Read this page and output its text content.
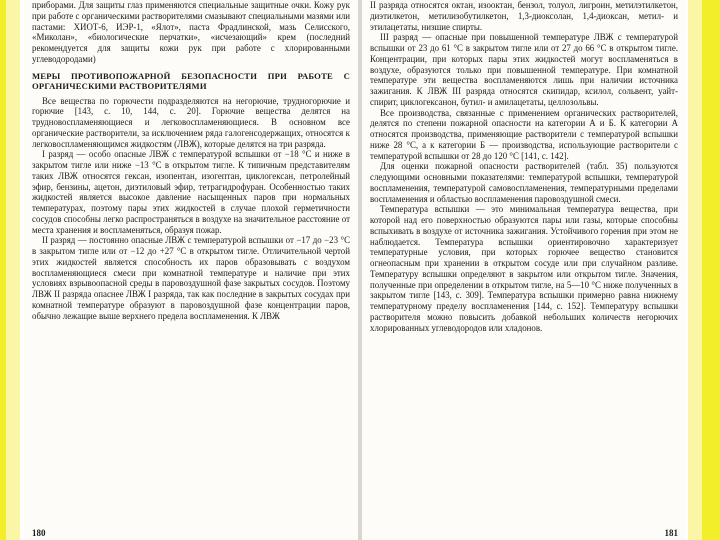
приборами. Для защиты глаз применяются специальные защитные очки. Кожу рук при работе с органическими растворителями смазывают специальными мазями или пастами: ХИОТ-6, ИЭР-1, «Ялот», паста Фрадлинской, мазь Селисского, «Миколан», «биологические перчатки», «исчезающий» крем (последний рекомендуется для защиты кожи рук при работе с хлорированными углеводородами)

МЕРЫ ПРОТИВОПОЖАРНОЙ БЕЗОПАСНОСТИ ПРИ РАБОТЕ С ОРГАНИЧЕСКИМИ РАСТВОРИТЕЛЯМИ

Все вещества по горючести подразделяются на негорючие, трудногорючие и горючие [143, с. 10, 144, с. 20]. Горючие вещества делятся на трудновоспламеняющиеся и легковоспламеняющиеся. В основном все органические растворители, за исключением ряда галогенсодержащих, относятся к легковоспламеняющимся жидкостям (ЛВЖ), которые делятся на три разряда.

I разряд — особо опасные ЛВЖ с температурой вспышки от −18 °С и ниже в закрытом тигле или ниже −13 °С в открытом тигле. К типичным представителям таких ЛВЖ относятся гексан, изопентан, изогептан, циклогексан, петролейный эфир, бензины, ацетон, диэтиловый эфир, тетрагидрофуран. Особенностью таких жидкостей является высокое давление насыщенных паров при нормальных температурах, поэтому пары этих жидкостей в случае плохой герметичности сосудов способны легко распространяться в воздухе на значительное расстояние от места хранения и воспламеняться, образуя пожар.

II разряд — постоянно опасные ЛВЖ с температурой вспышки от −17 до −23 °С в закрытом тигле или от −12 до +27 °С в открытом тигле. Отличительной чертой этих жидкостей является способность их паров образовывать с воздухом воспламеняющиеся смеси при комнатной температуре и наличие при этих условиях взрывоопасной среды в паровоздушной фазе закрытых сосудов. Поэтому ЛВЖ II разряда опаснее ЛВЖ I разряда, так как последние в закрытых сосудах при комнатной температуре образуют в паровоздушной фазе концентрации паров, обычно лежащие выше верхнего предела воспламенения. К ЛВЖ

180

II разряда относятся октан, изооктан, бензол, толуол, лигроин, метилэтилкетон, диэтилкетон, метилизобутилкетон, 1,3-диоксолан, 1,4-диоксан, метил- и этилацетаты, низшие спирты.

III разряд — опасные при повышенной температуре ЛВЖ с температурой вспышки от 23 до 61 °С в закрытом тигле или от 27 до 66 °С в открытом тигле. Концентрации, при которых пары этих жидкостей могут воспламеняться в воздухе, образуются только при повышенной температуре. При комнатной температуре эти вещества воспламеняются лишь при наличии источника зажигания. К ЛВЖ III разряда относятся скипидар, ксилол, сольвент, уайт-спирит, циклогексанон, бутил- и амилацетаты, целлозольвы.

Все производства, связанные с применением органических растворителей, делятся по степени пожарной опасности на категории А и Б. К категории А относятся производства, применяющие растворители с температурой вспышки ниже 28 °С, а к категории Б — производства, использующие растворители с температурой вспышки от 28 до 120 °С [141, с. 142].

Для оценки пожарной опасности растворителей (табл. 35) пользуются следующими основными показателями: температурой вспышки, температурой воспламенения, температурой самовоспламенения, температурными пределами воспламенения и областью воспламенения паровоздушной смеси.

Температура вспышки — это минимальная температура вещества, при которой над его поверхностью образуются пары или газы, которые способны вспыхивать в воздухе от источника зажигания. Устойчивого горения при этом не наблюдается. Температура вспышки ориентировочно характеризует температурные условия, при которых горючее вещество становится огнеопасным при хранении в открытом сосуде или при случайном разливе. Температуру вспышки определяют в закрытом или открытом тигле. Значения, полученные при определении в открытом тигле, на 5—10 °С ниже полученных в закрытом тигле [143, с. 309]. Температура вспышки примерно равна нижнему температурному пределу воспламенения [144, с. 152]. Температуру вспышки растворителя можно повысить добавкой небольших количеств негорючих хлорированных углеводородов или хладонов.

181
